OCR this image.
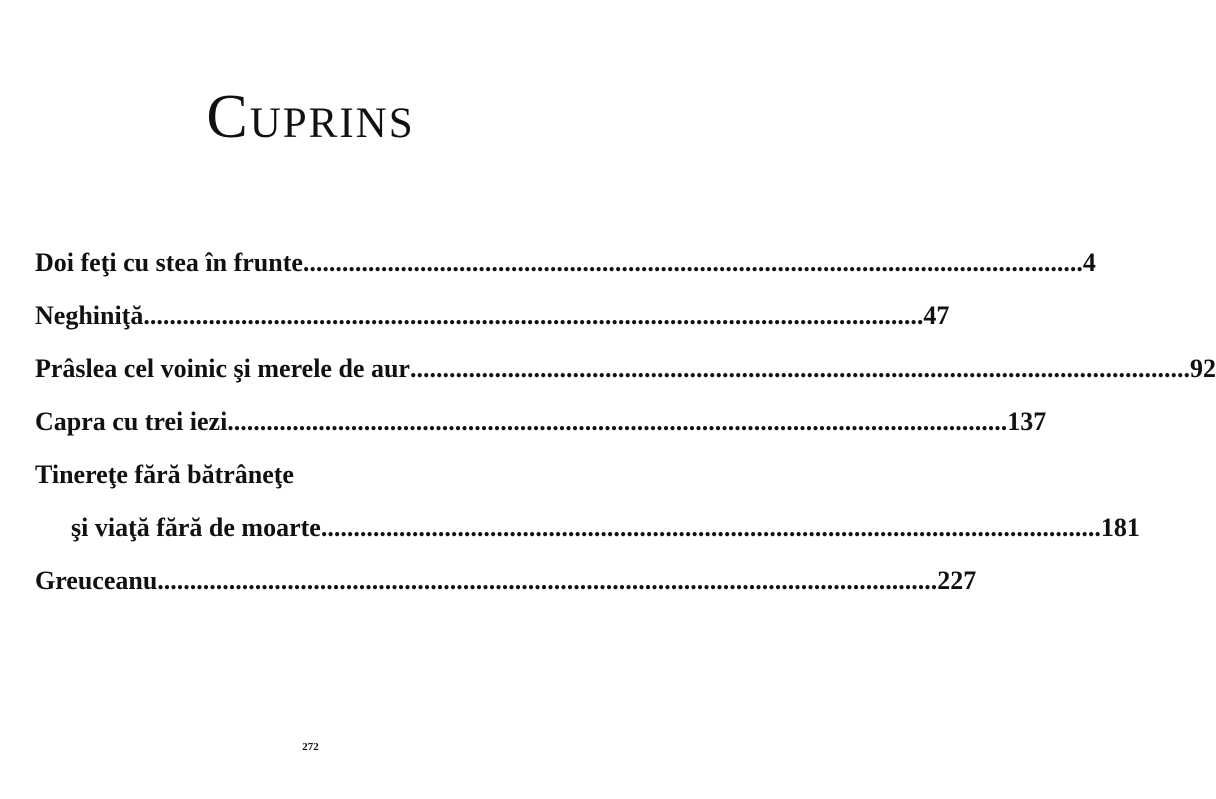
Cuprins
Doi feţi cu stea în frunte ........................................................................................................................ 4
Neghiniţă ........................................................................................................................ 47
Prâslea cel voinic şi merele de aur ........................................................................................................................ 92
Capra cu trei iezi ........................................................................................................................ 137
Tinereţe fără bătrâneţe
şi viaţă fără de moarte ........................................................................................................................ 181
Greuceanu ........................................................................................................................ 227
272
